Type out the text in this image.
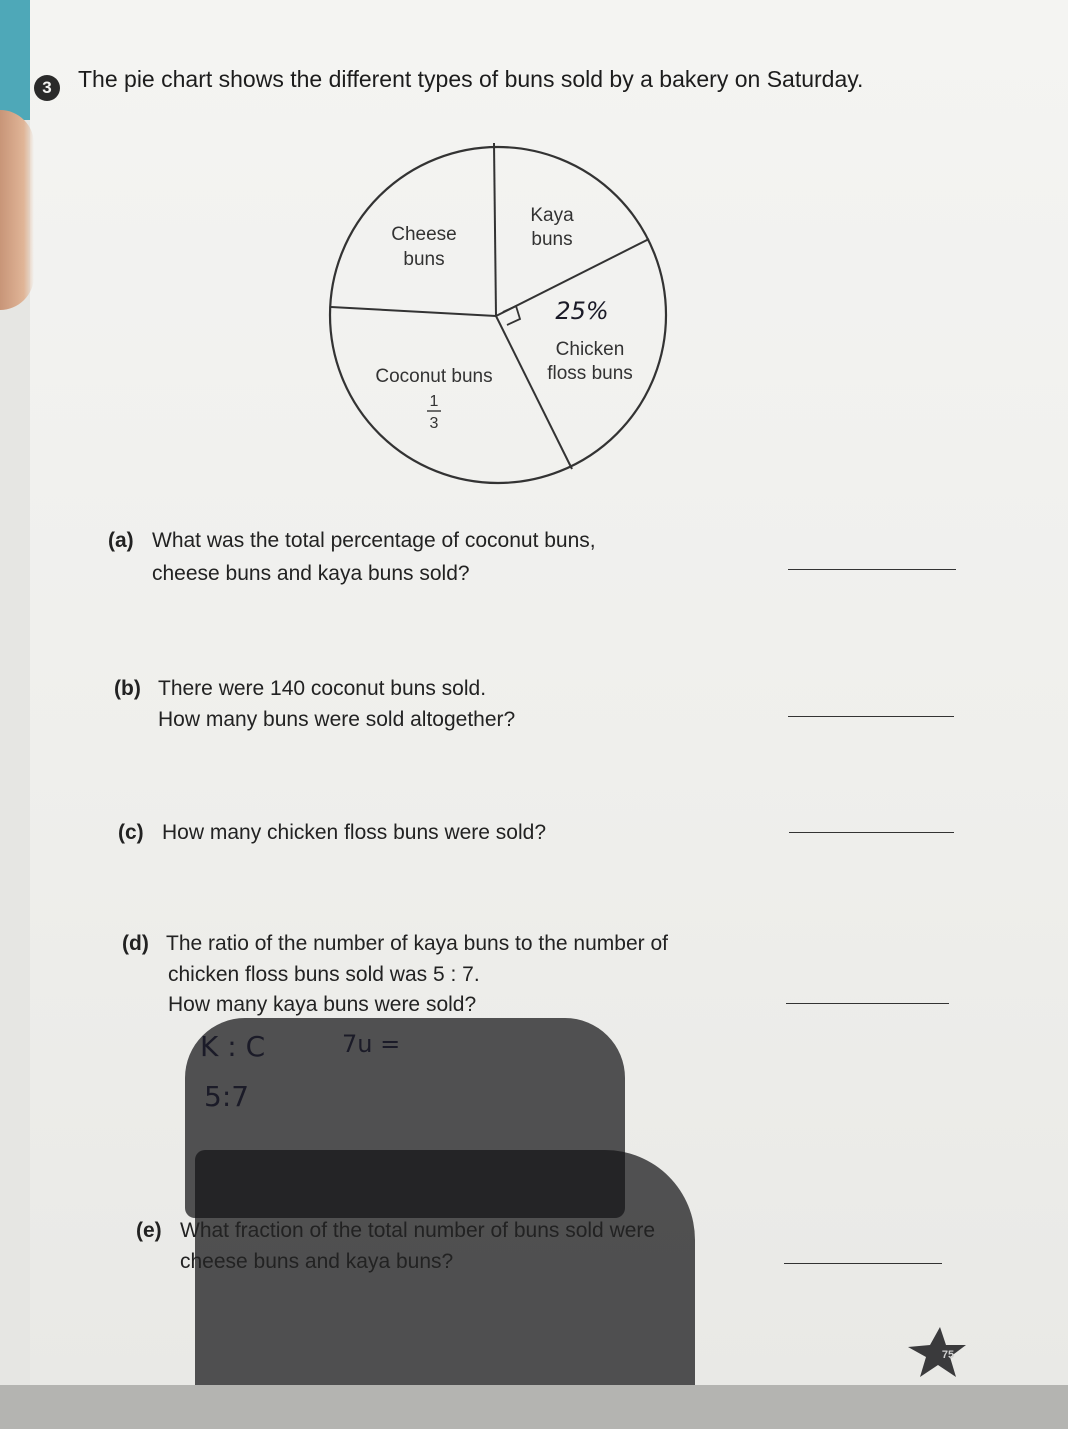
3	The pie chart shows the different types of buns sold by a bakery on Saturday.
Kaya
buns
Cheese
buns
25%
Chicken
floss buns
Coconut buns
1
3
(a) What was the total percentage of coconut buns,
cheese buns and kaya buns sold?
(b) There were 140 coconut buns sold.
How many buns were sold altogether?
(c) How many chicken floss buns were sold?
(d) The ratio of the number of kaya buns to the number of
chicken floss buns sold was 5 : 7.
How many kaya buns were sold?
K : C	7u =
5:7
(e) What fraction of the total number of buns sold were
cheese buns and kaya buns?
75
